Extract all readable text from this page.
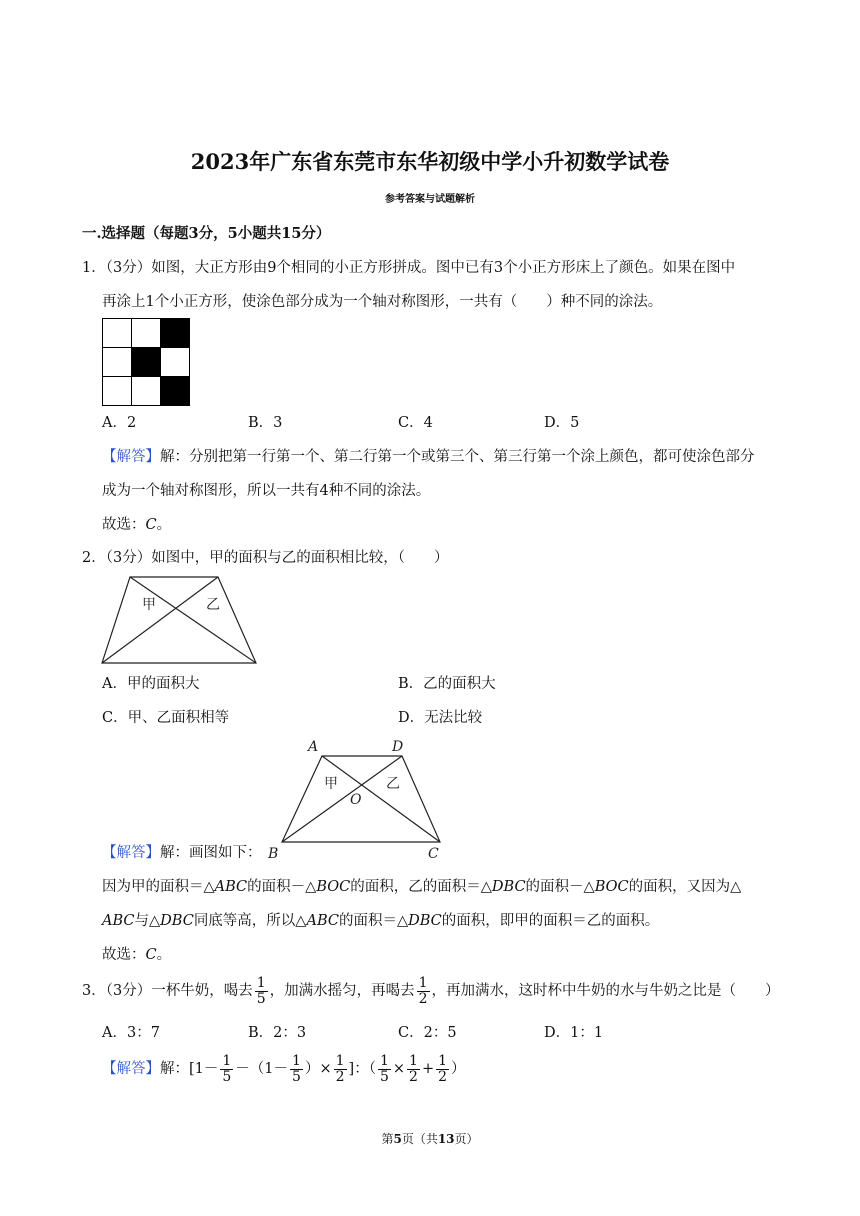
2023年广东省东莞市东华初级中学小升初数学试卷
参考答案与试题解析
一.选择题（每题3分，5小题共15分）
1．（3分）如图，大正方形由9个相同的小正方形拼成。图中已有3个小正方形床上了颜色。如果在图中
再涂上1个小正方形，使涂色部分成为一个轴对称图形，一共有（　　）种不同的涂法。
A．2	B．3	C．4	D．5
【解答】解：分别把第一行第一个、第二行第一个或第三个、第三行第一个涂上颜色，都可使涂色部分
成为一个轴对称图形，所以一共有4种不同的涂法。
故选：C。
2．（3分）如图中，甲的面积与乙的面积相比较，（　　）
甲	乙
A．甲的面积大	B．乙的面积大
C．甲、乙面积相等	D．无法比较
A	D
B	C
O
甲	乙
【解答】解：画图如下：
因为甲的面积＝△ABC的面积－△BOC的面积，乙的面积＝△DBC的面积－△BOC的面积，又因为△
ABC与△DBC同底等高，所以△ABC的面积＝△DBC的面积，即甲的面积＝乙的面积。
故选：C。
3．（3分）一杯牛奶，喝去 $\frac{1}{5}$ ，加满水摇匀，再喝去 $\frac{1}{2}$ ，再加满水，这时杯中牛奶的水与牛奶之比是（　　）
A．3：7	B．2：3	C．2：5	D．1：1
【解答】解：[$1- \frac{1}{5} -(1- \frac{1}{5}$ ）× $\frac{1}{2}$ ]：（ $\frac{1}{5} \times \frac{1}{2} + \frac{1}{2}$ ）
第5页（共13页）
